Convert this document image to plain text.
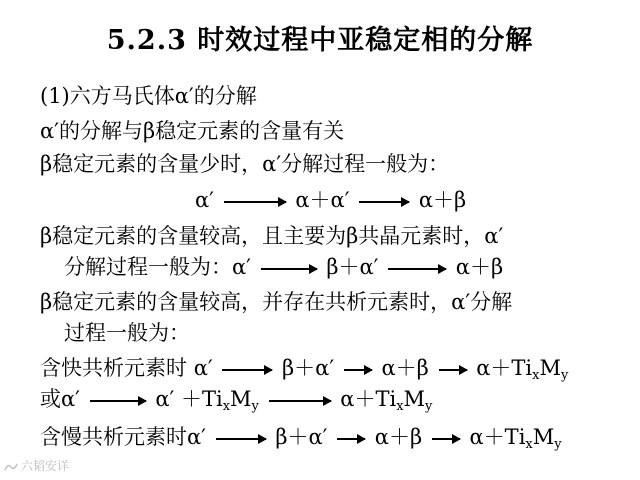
5.2.3 时效过程中亚稳定相的分解
(1)六方马氏体α′的分解
α′的分解与β稳定元素的含量有关
β稳定元素的含量少时，α′分解过程一般为：
α′	α＋α′	α＋β
β稳定元素的含量较高，且主要为β共晶元素时，α′
分解过程一般为：α′	β＋α′	α＋β
β稳定元素的含量较高，并存在共析元素时，α′分解
过程一般为：
含快共析元素时 α′	β＋α′ α＋β $\alpha+Ti_xM_y$
或α′	$\alpha' +Ti_xM_y$	$\alpha+Ti_xM_y$
含慢共析元素时α′	β＋α′ α＋β $\alpha+Ti_xM_y$
六韬安详
